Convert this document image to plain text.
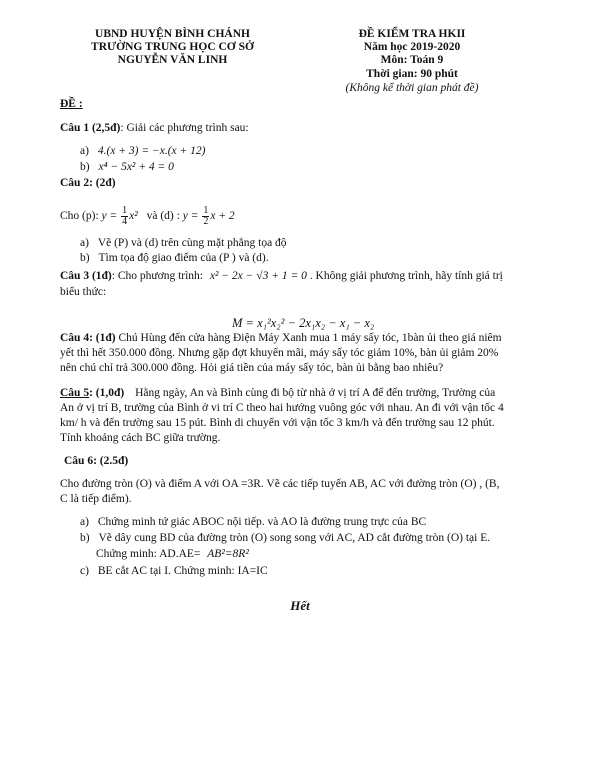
UBND HUYỆN BÌNH CHÁNH
TRƯỜNG TRUNG HỌC CƠ SỞ
NGUYỄN VĂN LINH
ĐỀ KIỂM TRA HKII
Năm học 2019-2020
Môn: Toán 9
Thời gian: 90 phút
(Không kể thời gian phát đề)
ĐỀ :
Câu 1 (2,5đ): Giải các phương trình sau:
a) 4.(x + 3) = −x.(x + 12)
b) x⁴ − 5x² + 4 = 0
Câu 2: (2đ)
Cho (p): $y = \frac{1}{4} x^2$ và (d) : $y = \frac{1}{2}$ x + 2
a) Vẽ (P) và (d) trên cùng mặt phẳng tọa độ
b) Tìm tọa độ giao điểm của (P ) và (d).
Câu 3 (1đ): Cho phương trình: x² − 2x − √3 + 1 = 0 . Không giải phương trình, hãy tính giá trị
biểu thức:
M = x₁²x₂² − 2x₁x₂ − x₁ − x₂
Câu 4: (1đ) Chú Hùng đến cửa hàng Điện Máy Xanh mua 1 máy sấy tóc, 1bàn ủi theo giá niêm
yết thì hết 350.000 đồng. Nhưng gặp đợt khuyến mãi, máy sấy tóc giảm 10%, bàn ủi giảm 20%
nên chú chỉ trả 300.000 đồng. Hỏi giá tiền của máy sấy tóc, bàn ủi bằng bao nhiêu?
Câu 5: (1,0đ) Hằng ngày, An và Bình cùng đi bộ từ nhà ở vị trí A để đến trường, Trường của
An ở vị trí B, trường của Bình ở vi trí C theo hai hướng vuông góc với nhau. An đi với vận tốc 4
km/ h và đến trường sau 15 pút. Bình di chuyển với vận tốc 3 km/h và đến trường sau 12 phút.
Tính khoảng cách BC giữa trường.
Câu 6: (2.5đ)
Cho đường tròn (O) và điểm A với OA =3R. Vẽ các tiếp tuyến AB, AC với đường tròn (O) , (B,
C là tiếp điểm).
a) Chứng minh tứ giác ABOC nội tiếp. và AO là đường trung trực của BC
b) Vẽ dây cung BD của đường tròn (O) song song với AC, AD cắt đường tròn (O) tại E.
Chứng minh: AD.AE= AB²=8R²
c) BE cắt AC tại I. Chứng minh: IA=IC
Hết
